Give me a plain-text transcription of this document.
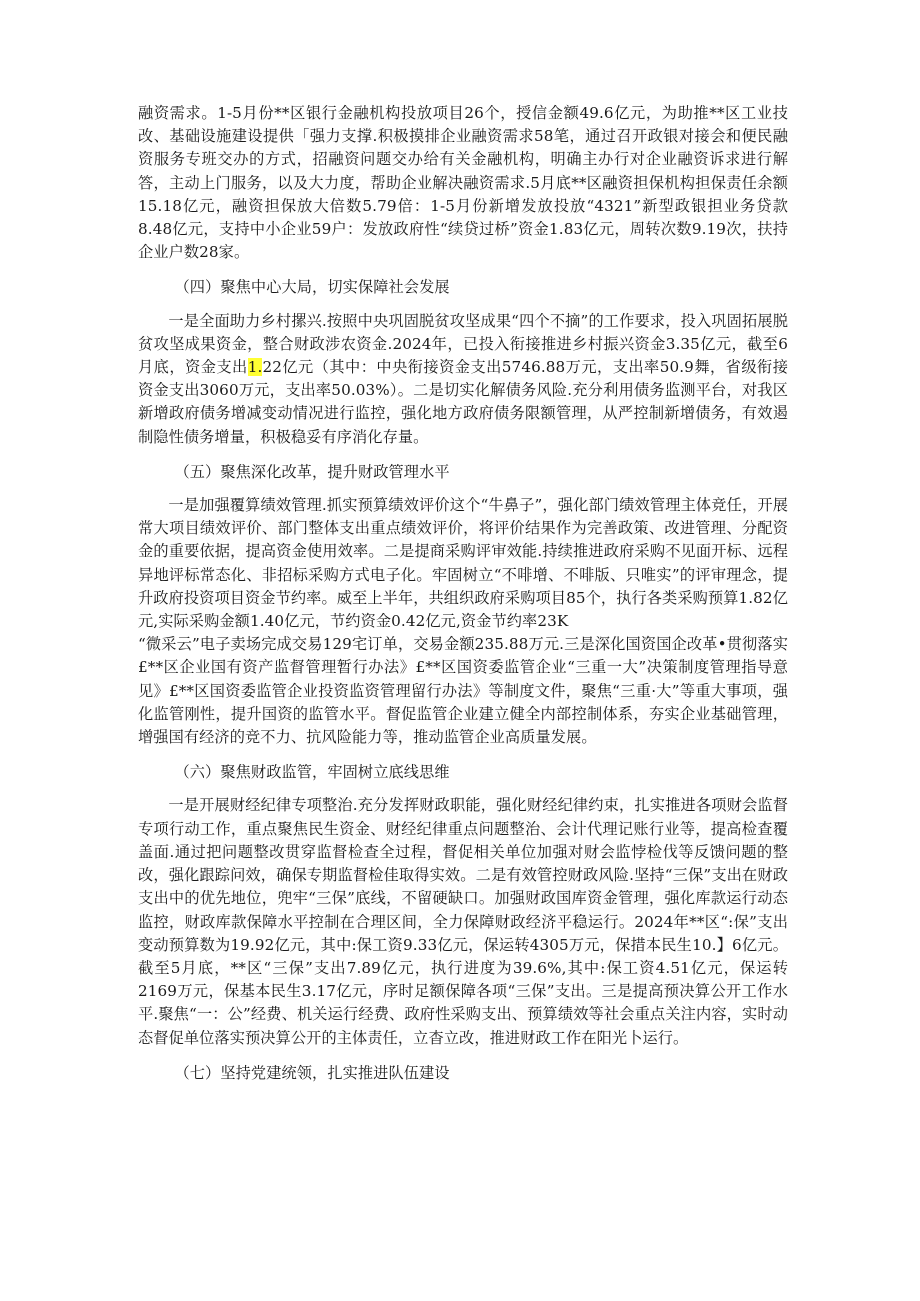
融资需求。1-5月份**区银行金融机构投放项目26个，授信金额49.6亿元，为助推**区工业技改、基础设施建设提供「强力支撑.积极摸排企业融资需求58笔，通过召开政银对接会和便民融资服务专班交办的方式，招融资问题交办给有关金融机构，明确主办行对企业融资诉求进行解答，主动上门服务，以及大力度，帮助企业解决融资需求.5月底**区融资担保机构担保责任余额15.18亿元，融资担保放大倍数5.79倍：1-5月份新增发放投放“4321”新型政银担业务贷款8.48亿元，支持中小企业59户：发放政府性“续贷过桥”资金1.83亿元，周转次数9.19次，扶持企业户数28家。

（四）聚焦中心大局，切实保障社会发展

一是全面助力乡村摞兴.按照中央巩固脱贫攻坚成果“四个不摘”的工作要求，投入巩固拓展脱贫攻坚成果资金，整合财政涉农资金.2024年，已投入衔接推进乡村振兴资金3.35亿元，截至6月底，资金支出1.22亿元（其中：中央衔接资金支出5746.88万元，支出率50.9舞，省级衔接资金支出3060万元，支出率50.03%）。二是切实化解债务风险.充分利用债务监测平台，对我区新增政府债务增减变动情况进行监控，强化地方政府债务限额管理，从严控制新增债务，有效遏制隐性债务增量，积极稳妥有序消化存量。

（五）聚焦深化改革，提升财政管理水平

一是加强覆算绩效管理.抓实预算绩效评价这个“牛鼻子”，强化部门绩效管理主体竞任，开展常大项目绩效评价、部门整体支出重点绩效评价，将评价结果作为完善政策、改进管理、分配资金的重要依据，提高资金使用效率。二是提商采购评审效能.持续推进政府采购不见面开标、远程异地评标常态化、非招标采购方式电子化。牢固树立“不啡增、不啡版、只唯实”的评审理念，提升政府投资项目资金节约率。威至上半年，共组织政府采购项目85个，执行各类采购预算1.82亿元,实际采购金额1.40亿元，节约资金0.42亿元,资金节约率23K

“微采云”电子卖场完成交易129宅订单，交易金额235.88万元.三是深化国资国企改革•贯彻落实£**区企业国有资产监督管理暂行办法》£**区国资委监管企业“三重一大”决策制度管理指导意见》£**区国资委监管企业投资监资管理留行办法》等制度文件，聚焦“三重·大”等重大事项，强化监管刚性，提升国资的监管水平。督促监管企业建立健全内部控制体系，夯实企业基础管理，增强国有经济的竞不力、抗风险能力等，推动监管企业高质量发展。

（六）聚焦财政监管，牢固树立底线思维

一是开展财经纪律专项整治.充分发挥财政职能，强化财经纪律约束，扎实推进各项财会监督专项行动工作，重点聚焦民生资金、财经纪律重点问题整治、会计代理记账行业等，提高检查覆盖面.通过把问题整改贯穿监督检查全过程，督促相关单位加强对财会监悖检伐等反馈问题的整改，强化跟踪问效，确保专期监督检佳取得实效。二是有效管控财政风险.坚持“三保”支出在财政支出中的优先地位，兜牢“三保”底线，不留硬缺口。加强财政国库资金管理，强化库款运行动态监控，财政库款保障水平控制在合理区间，全力保障财政经济平稳运行。2024年**区“:保”支出变动预算数为19.92亿元，其中:保工资9.33亿元，保运转4305万元，保措本民生10.】6亿元。截至5月底，**区“三保”支出7.89亿元，执行进度为39.6%,其中:保工资4.51亿元，保运转2169万元，保基本民生3.17亿元，序时足额保障各项“三保”支出。三是提高预决算公开工作水平.聚焦“一：公”经费、机关运行经费、政府性采购支出、预算绩效等社会重点关注内容，实时动态督促单位落实预决算公开的主体责任，立杳立改，推进财政工作在阳光卜运行。

（七）坚持党建统领，扎实推进队伍建设
